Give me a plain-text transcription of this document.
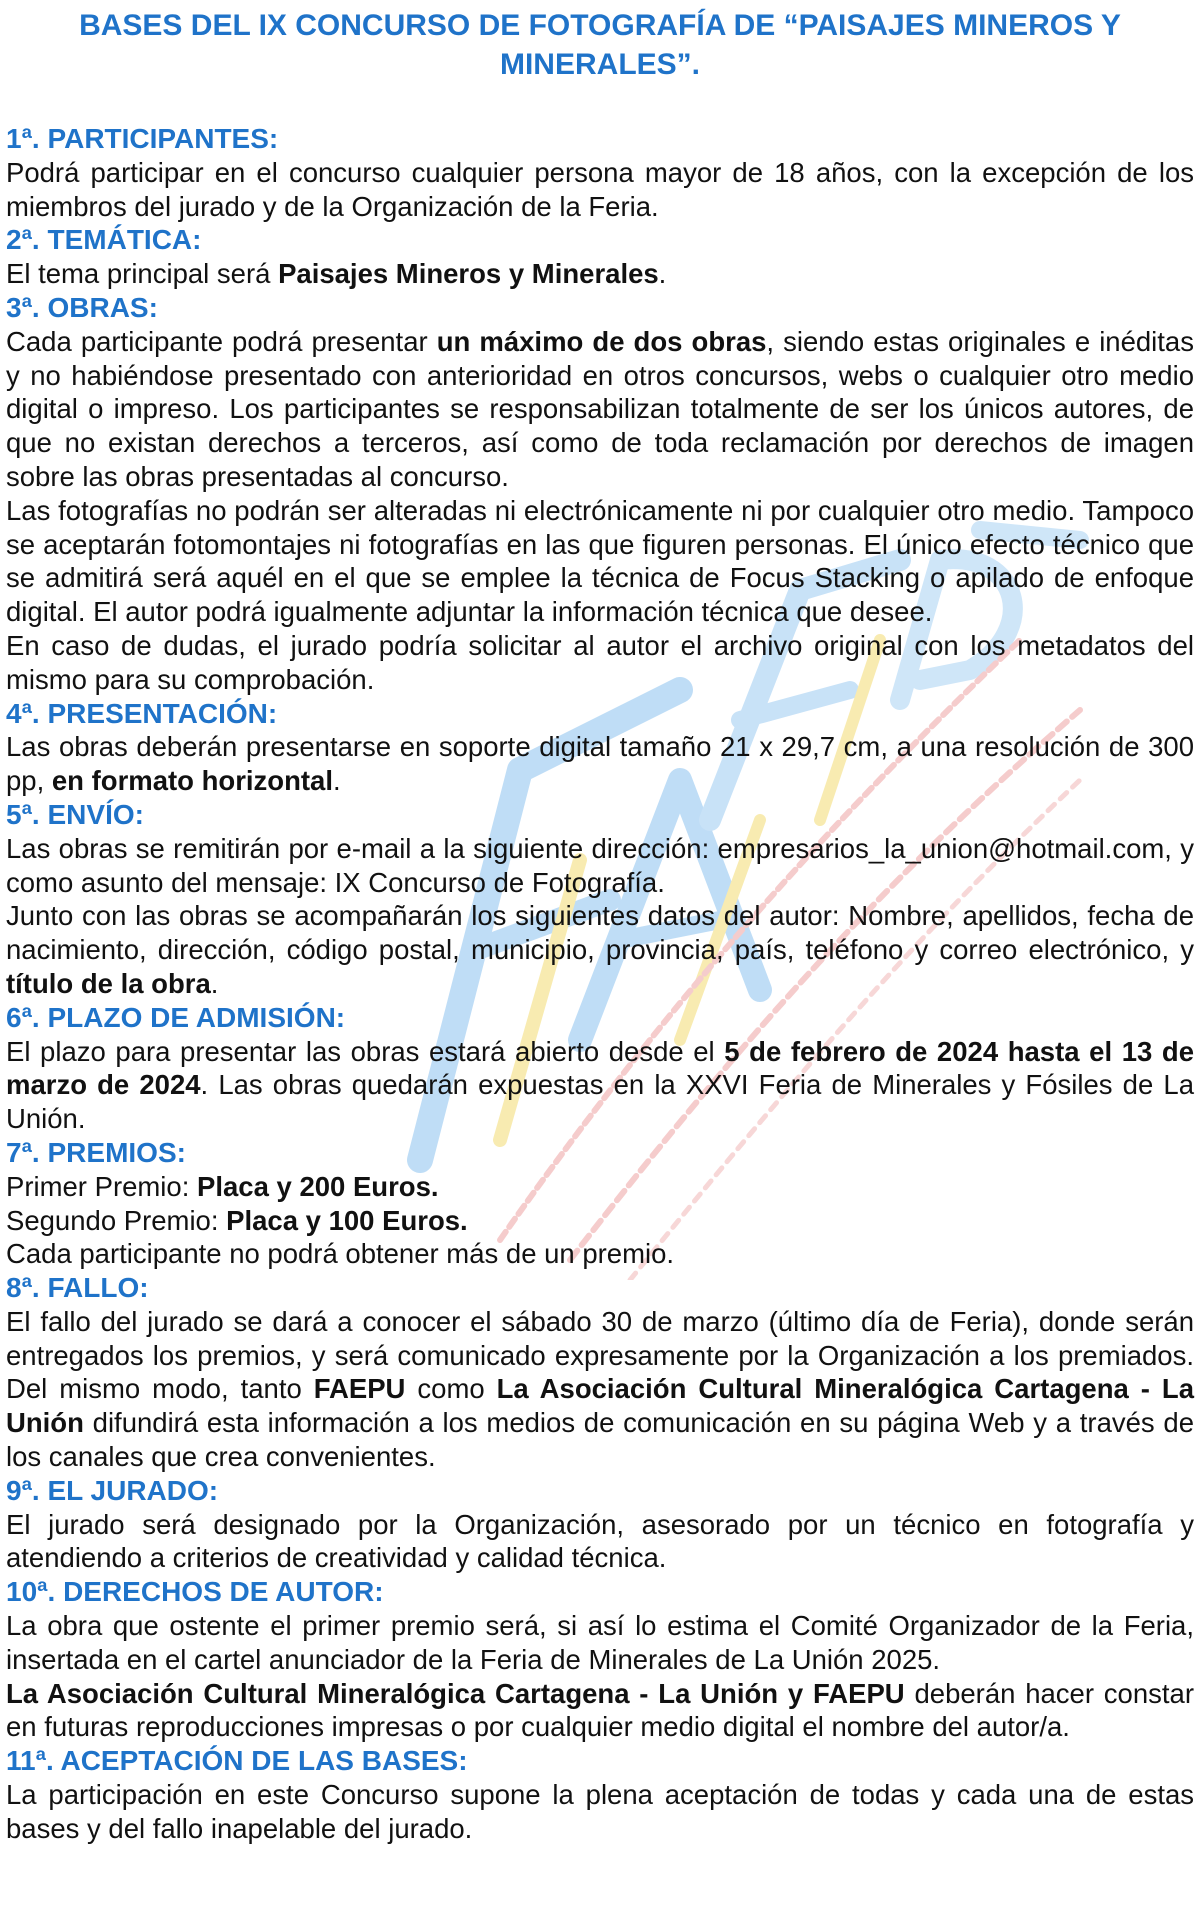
BASES DEL IX CONCURSO DE FOTOGRAFÍA DE “PAISAJES MINEROS Y MINERALES”.
1ª. PARTICIPANTES:

Podrá participar en el concurso cualquier persona mayor de 18 años, con la excepción de los miembros del jurado y de la Organización de la Feria.

2ª. TEMÁTICA:

El tema principal será Paisajes Mineros y Minerales.

3ª. OBRAS:

Cada participante podrá presentar un máximo de dos obras, siendo estas originales e inéditas y no habiéndose presentado con anterioridad en otros concursos, webs o cualquier otro medio digital o impreso. Los participantes se responsabilizan totalmente de ser los únicos autores, de que no existan derechos a terceros, así como de toda reclamación por derechos de imagen sobre las obras presentadas al concurso.

Las fotografías no podrán ser alteradas ni electrónicamente ni por cualquier otro medio. Tampoco se aceptarán fotomontajes ni fotografías en las que figuren personas. El único efecto técnico que se admitirá será aquél en el que se emplee la técnica de Focus Stacking o apilado de enfoque digital. El autor podrá igualmente adjuntar la información técnica que desee.

En caso de dudas, el jurado podría solicitar al autor el archivo original con los metadatos del mismo para su comprobación.

4ª. PRESENTACIÓN:

Las obras deberán presentarse en soporte digital tamaño 21 x 29,7 cm, a una resolución de 300 pp, en formato horizontal.

5ª. ENVÍO:

Las obras se remitirán por e-mail a la siguiente dirección: empresarios_la_union@hotmail.com, y como asunto del mensaje: IX Concurso de Fotografía.

Junto con las obras se acompañarán los siguientes datos del autor: Nombre, apellidos, fecha de nacimiento, dirección, código postal, municipio, provincia, país, teléfono y correo electrónico, y título de la obra.

6ª. PLAZO DE ADMISIÓN:

El plazo para presentar las obras estará abierto desde el 5 de febrero de 2024 hasta el 13 de marzo de 2024. Las obras quedarán expuestas en la XXVI Feria de Minerales y Fósiles de La Unión.

7ª. PREMIOS:

Primer Premio: Placa y 200 Euros.

Segundo Premio: Placa y 100 Euros.

Cada participante no podrá obtener más de un premio.

8ª. FALLO:

El fallo del jurado se dará a conocer el sábado 30 de marzo (último día de Feria), donde serán entregados los premios, y será comunicado expresamente por la Organización a los premiados. Del mismo modo, tanto FAEPU como La Asociación Cultural Mineralógica Cartagena - La Unión difundirá esta información a los medios de comunicación en su página Web y a través de los canales que crea convenientes.

9ª. EL JURADO:

El jurado será designado por la Organización, asesorado por un técnico en fotografía y atendiendo a criterios de creatividad y calidad técnica.

10ª. DERECHOS DE AUTOR:

La obra que ostente el primer premio será, si así lo estima el Comité Organizador de la Feria, insertada en el cartel anunciador de la Feria de Minerales de La Unión 2025.

La Asociación Cultural Mineralógica Cartagena - La Unión y FAEPU deberán hacer constar en futuras reproducciones impresas o por cualquier medio digital el nombre del autor/a.

11ª. ACEPTACIÓN DE LAS BASES:

La participación en este Concurso supone la plena aceptación de todas y cada una de estas bases y del fallo inapelable del jurado.
